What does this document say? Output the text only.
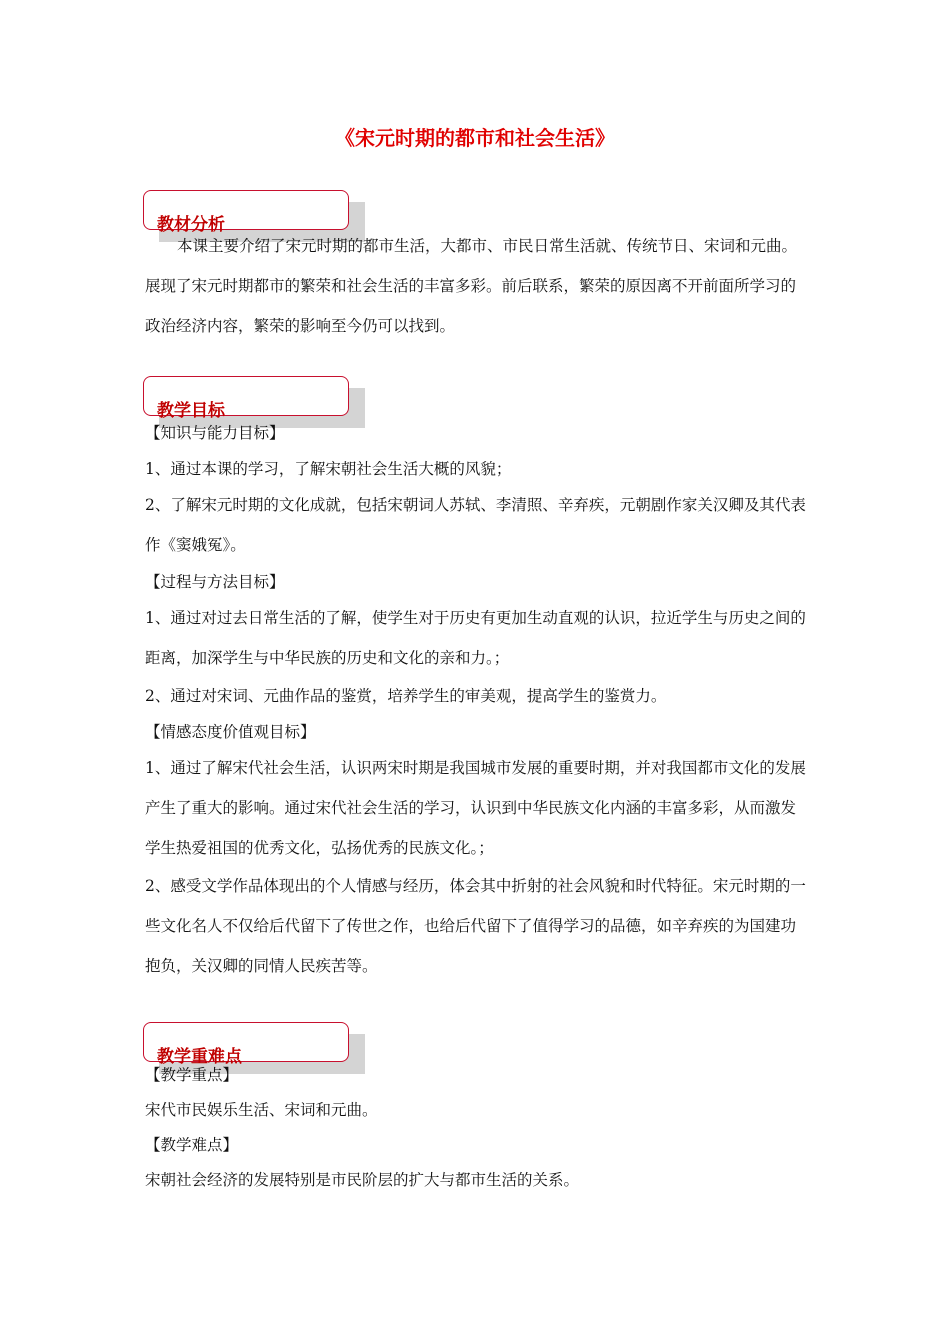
《宋元时期的都市和社会生活》
教材分析
本课主要介绍了宋元时期的都市生活，大都市、市民日常生活就、传统节日、宋词和元曲。展现了宋元时期都市的繁荣和社会生活的丰富多彩。前后联系，繁荣的原因离不开前面所学习的政治经济内容，繁荣的影响至今仍可以找到。
教学目标
【知识与能力目标】
1、通过本课的学习，了解宋朝社会生活大概的风貌；
2、了解宋元时期的文化成就，包括宋朝词人苏轼、李清照、辛弃疾，元朝剧作家关汉卿及其代表作《窦娥冤》。
【过程与方法目标】
1、通过对过去日常生活的了解，使学生对于历史有更加生动直观的认识，拉近学生与历史之间的距离，加深学生与中华民族的历史和文化的亲和力。；
2、通过对宋词、元曲作品的鉴赏，培养学生的审美观，提高学生的鉴赏力。
【情感态度价值观目标】
1、通过了解宋代社会生活，认识两宋时期是我国城市发展的重要时期，并对我国都市文化的发展产生了重大的影响。通过宋代社会生活的学习，认识到中华民族文化内涵的丰富多彩，从而激发学生热爱祖国的优秀文化，弘扬优秀的民族文化。；
2、感受文学作品体现出的个人情感与经历，体会其中折射的社会风貌和时代特征。宋元时期的一些文化名人不仅给后代留下了传世之作，也给后代留下了值得学习的品德，如辛弃疾的为国建功抱负，关汉卿的同情人民疾苦等。
教学重难点
【教学重点】
宋代市民娱乐生活、宋词和元曲。
【教学难点】
宋朝社会经济的发展特别是市民阶层的扩大与都市生活的关系。
